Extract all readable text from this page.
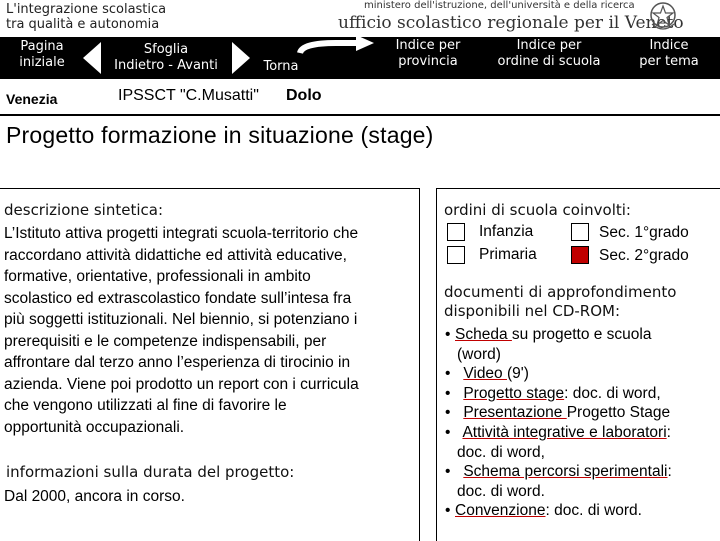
L'integrazione scolastica
tra qualità e autonomia
ministero dell'istruzione, dell'università e della ricerca
ufficio scolastico regionale per il Veneto
Pagina
iniziale
Sfoglia
Indietro - Avanti	Torna
Indice per
provincia
Indice per
ordine di scuola
Indice
per tema
Venezia	IPSSCT "C.Musatti" Dolo
Progetto formazione in situazione (stage)
descrizione sintetica:
L’Istituto attiva progetti integrati scuola-territorio che
raccordano attività didattiche ed attività educative,
formative, orientative, professionali in ambito
scolastico ed extrascolastico fondate sull’intesa fra
più soggetti istituzionali. Nel biennio, si potenziano i
prerequisiti e le competenze indispensabili, per
affrontare dal terzo anno l’esperienza di tirocinio in
azienda. Viene poi prodotto un report con i curricula
che vengono utilizzati al fine di favorire le
opportunità occupazionali.
informazioni sulla durata del progetto:
Dal 2000, ancora in corso.
ordini di scuola coinvolti:
Infanzia	Sec. 1°grado
Primaria	Sec. 2°grado
documenti di approfondimento
disponibili nel CD-ROM:
• Scheda su progetto e scuola
(word)
• Video (9')
• Progetto stage: doc. di word,
• Presentazione Progetto Stage
• Attività integrative e laboratori:
doc. di word,
• Schema percorsi sperimentali:
doc. di word.
• Convenzione: doc. di word.
